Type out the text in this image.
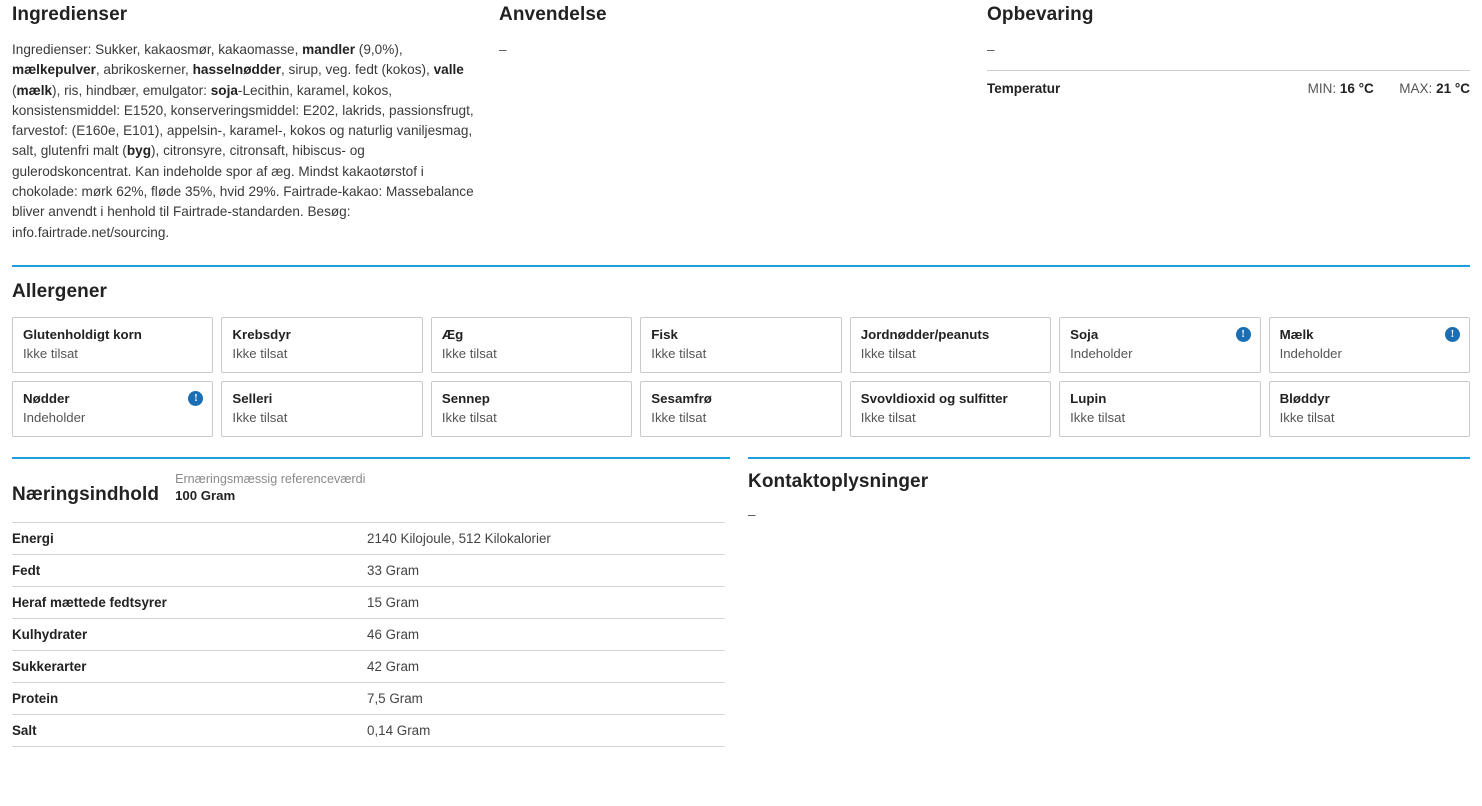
Ingredienser
Ingredienser: Sukker, kakaosmør, kakaomasse, mandler (9,0%), mælkepulver, abrikoskerner, hasselnødder, sirup, veg. fedt (kokos), valle (mælk), ris, hindbær, emulgator: soja-Lecithin, karamel, kokos, konsistensmiddel: E1520, konserveringsmiddel: E202, lakrids, passionsfrugt, farvestof: (E160e, E101), appelsin-, karamel-, kokos og naturlig vaniljesmag, salt, glutenfri malt (byg), citronsyre, citronsaft, hibiscus- og gulerodskoncentrat. Kan indeholde spor af æg. Mindst kakaotørstof i chokolade: mørk 62%, fløde 35%, hvid 29%. Fairtrade-kakao: Massebalance bliver anvendt i henhold til Fairtrade-standarden. Besøg: info.fairtrade.net/sourcing.
Anvendelse
–
Opbevaring
–
Temperatur	MIN: 16 °C MAX: 21 °C
Allergener
Glutenholdigt korn
Ikke tilsat
Krebsdyr
Ikke tilsat
Æg
Ikke tilsat
Fisk
Ikke tilsat
Jordnødder/peanuts
Ikke tilsat
Soja
Indeholder
!	Mælk
Indeholder
!
Nødder
Indeholder
!	Selleri
Ikke tilsat
Sennep
Ikke tilsat
Sesamfrø
Ikke tilsat
Svovldioxid og sulfitter
Ikke tilsat
Lupin
Ikke tilsat
Bløddyr
Ikke tilsat
Næringsindhold
Ernæringsmæssig referenceværdi
100 Gram
Energi	2140 Kilojoule, 512 Kilokalorier
Fedt	33 Gram
Heraf mættede fedtsyrer	15 Gram
Kulhydrater	46 Gram
Sukkerarter	42 Gram
Protein	7,5 Gram
Salt	0,14 Gram
Kontaktoplysninger
–
